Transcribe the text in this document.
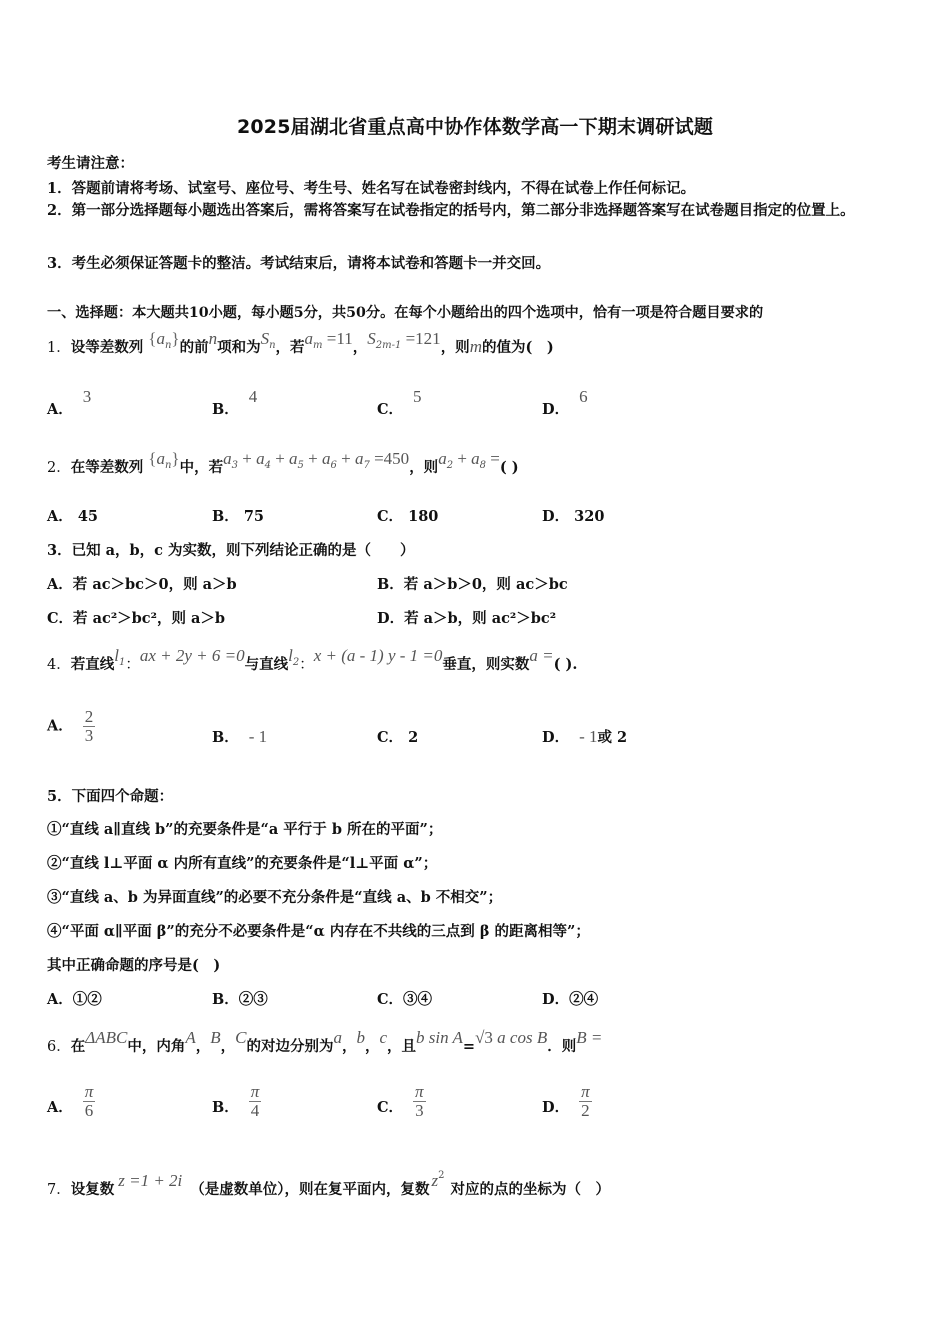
2025届湖北省重点高中协作体数学高一下期末调研试题
考生请注意：
1．答题前请将考场、试室号、座位号、考生号、姓名写在试卷密封线内，不得在试卷上作任何标记。
2．第一部分选择题每小题选出答案后，需将答案写在试卷指定的括号内，第二部分非选择题答案写在试卷题目指定的位置上。
3．考生必须保证答题卡的整洁。考试结束后，请将本试卷和答题卡一并交回。
一、选择题：本大题共10小题，每小题5分，共50分。在每个小题给出的四个选项中，恰有一项是符合题目要求的
1．设等差数列 $\{a_n\}$的前n项和为$S_n$，若$a_m =11$，$S_{2m-1} =121$，则m的值为(　)
A．3
B．4
C．5
D．6
2．在等差数列 $\{a_n\}$中，若$a_3 + a_4 + a_5 + a_6 + a_7 =450$，则$a_2 + a_8$ =( )
A． 45	B． 75	C． 180	D． 320
3．已知 a，b，c 为实数，则下列结论正确的是（　　）
A．若 ac＞bc＞0，则 a＞b	B．若 a＞b＞0，则 ac＞bc
C．若 ac²＞bc²，则 a＞b	D．若 a＞b，则 ac²＞bc²
4．若直线$l_1$：ax + 2y + 6 =0与直线$l_2$：x + (a - 1) y - 1 =0垂直，则实数a =( ).
A． $\frac{2}{3}$	B． - 1	C． 2	D． - 1或 2
5．下面四个命题：
①“直线 a∥直线 b”的充要条件是“a 平行于 b 所在的平面”；
②“直线 l⊥平面 α 内所有直线”的充要条件是“l⊥平面 α”；
③“直线 a、b 为异面直线”的必要不充分条件是“直线 a、b 不相交”；
④“平面 α∥平面 β”的充分不必要条件是“α 内存在不共线的三点到 β 的距离相等”；
其中正确命题的序号是(　)
A．①②	B．②③	C．③④	D．②④
6．在ΔABC中，内角A，B，C的对边分别为a，b，c，且b sin A=√3 a cos B．则B =
A． $\frac{\pi}{6}$	B． $\frac{\pi}{4}$	C． $\frac{\pi}{3}$	D． $\frac{\pi}{2}$
7．设复数 z =1 + 2i （是虚数单位），则在复平面内，复数 $z^2$对应的点的坐标为（　）
